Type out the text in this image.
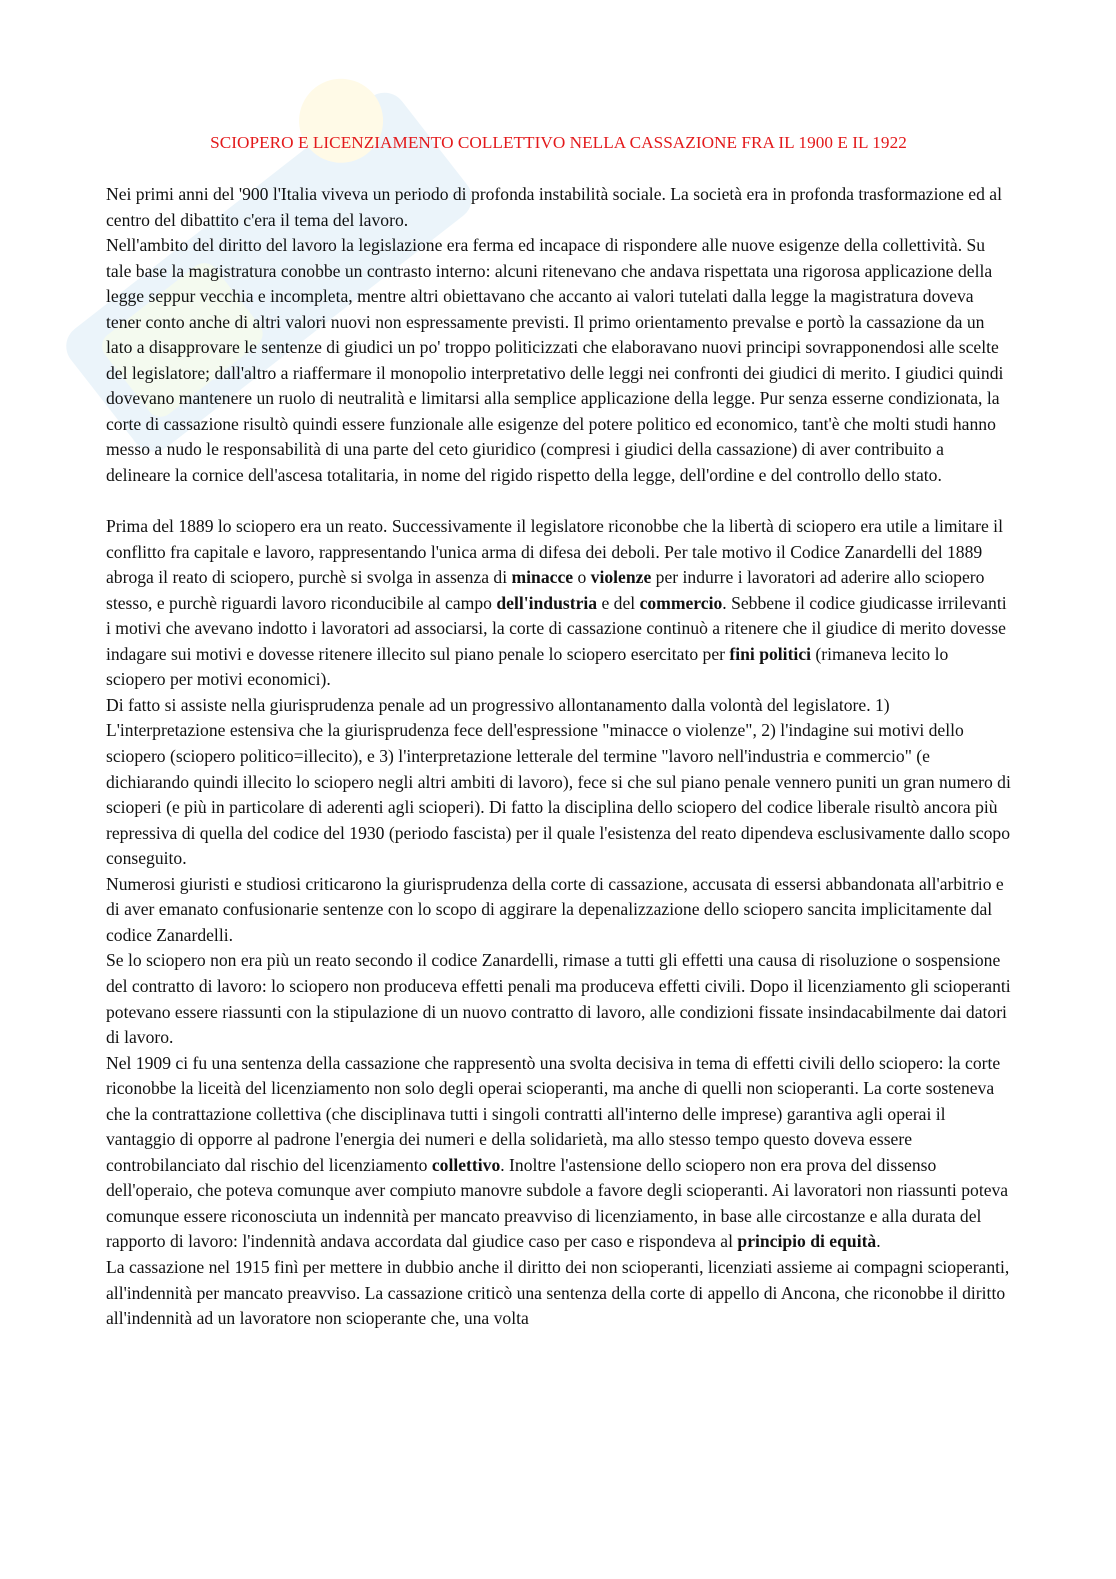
SCIOPERO E LICENZIAMENTO COLLETTIVO NELLA CASSAZIONE FRA IL 1900 E IL 1922

Nei primi anni del '900 l'Italia viveva un periodo di profonda instabilità sociale. La società era in profonda trasformazione ed al centro del dibattito c'era il tema del lavoro.

Nell'ambito del diritto del lavoro la legislazione era ferma ed incapace di rispondere alle nuove esigenze della collettività. Su tale base la magistratura conobbe un contrasto interno: alcuni ritenevano che andava rispettata una rigorosa applicazione della legge seppur vecchia e incompleta, mentre altri obiettavano che accanto ai valori tutelati dalla legge la magistratura doveva tener conto anche di altri valori nuovi non espressamente previsti. Il primo orientamento prevalse e portò la cassazione da un lato a disapprovare le sentenze di giudici un po' troppo politicizzati che elaboravano nuovi principi sovrapponendosi alle scelte del legislatore; dall'altro a riaffermare il monopolio interpretativo delle leggi nei confronti dei giudici di merito. I giudici quindi dovevano mantenere un ruolo di neutralità e limitarsi alla semplice applicazione della legge. Pur senza esserne condizionata, la corte di cassazione risultò quindi essere funzionale alle esigenze del potere politico ed economico, tant'è che molti studi hanno messo a nudo le responsabilità di una parte del ceto giuridico (compresi i giudici della cassazione) di aver contribuito a delineare la cornice dell'ascesa totalitaria, in nome del rigido rispetto della legge, dell'ordine e del controllo dello stato.

Prima del 1889 lo sciopero era un reato. Successivamente il legislatore riconobbe che la libertà di sciopero era utile a limitare il conflitto fra capitale e lavoro, rappresentando l'unica arma di difesa dei deboli. Per tale motivo il Codice Zanardelli del 1889 abroga il reato di sciopero, purchè si svolga in assenza di minacce o violenze per indurre i lavoratori ad aderire allo sciopero stesso, e purchè riguardi lavoro riconducibile al campo dell'industria e del commercio. Sebbene il codice giudicasse irrilevanti i motivi che avevano indotto i lavoratori ad associarsi, la corte di cassazione continuò a ritenere che il giudice di merito dovesse indagare sui motivi e dovesse ritenere illecito sul piano penale lo sciopero esercitato per fini politici (rimaneva lecito lo sciopero per motivi economici).

Di fatto si assiste nella giurisprudenza penale ad un progressivo allontanamento dalla volontà del legislatore. 1) L'interpretazione estensiva che la giurisprudenza fece dell'espressione "minacce o violenze", 2) l'indagine sui motivi dello sciopero (sciopero politico=illecito), e 3) l'interpretazione letterale del termine "lavoro nell'industria e commercio" (e dichiarando quindi illecito lo sciopero negli altri ambiti di lavoro), fece si che sul piano penale vennero puniti un gran numero di scioperi (e più in particolare di aderenti agli scioperi). Di fatto la disciplina dello sciopero del codice liberale risultò ancora più repressiva di quella del codice del 1930 (periodo fascista) per il quale l'esistenza del reato dipendeva esclusivamente dallo scopo conseguito.

Numerosi giuristi e studiosi criticarono la giurisprudenza della corte di cassazione, accusata di essersi abbandonata all'arbitrio e di aver emanato confusionarie sentenze con lo scopo di aggirare la depenalizzazione dello sciopero sancita implicitamente dal codice Zanardelli.

Se lo sciopero non era più un reato secondo il codice Zanardelli, rimase a tutti gli effetti una causa di risoluzione o sospensione del contratto di lavoro: lo sciopero non produceva effetti penali ma produceva effetti civili. Dopo il licenziamento gli scioperanti potevano essere riassunti con la stipulazione di un nuovo contratto di lavoro, alle condizioni fissate insindacabilmente dai datori di lavoro.

Nel 1909 ci fu una sentenza della cassazione che rappresentò una svolta decisiva in tema di effetti civili dello sciopero: la corte riconobbe la liceità del licenziamento non solo degli operai scioperanti, ma anche di quelli non scioperanti. La corte sosteneva che la contrattazione collettiva (che disciplinava tutti i singoli contratti all'interno delle imprese) garantiva agli operai il vantaggio di opporre al padrone l'energia dei numeri e della solidarietà, ma allo stesso tempo questo doveva essere controbilanciato dal rischio del licenziamento collettivo. Inoltre l'astensione dello sciopero non era prova del dissenso dell'operaio, che poteva comunque aver compiuto manovre subdole a favore degli scioperanti. Ai lavoratori non riassunti poteva comunque essere riconosciuta un indennità per mancato preavviso di licenziamento, in base alle circostanze e alla durata del rapporto di lavoro: l'indennità andava accordata dal giudice caso per caso e rispondeva al principio di equità.

La cassazione nel 1915 finì per mettere in dubbio anche il diritto dei non scioperanti, licenziati assieme ai compagni scioperanti, all'indennità per mancato preavviso. La cassazione criticò una sentenza della corte di appello di Ancona, che riconobbe il diritto all'indennità ad un lavoratore non scioperante che, una volta
